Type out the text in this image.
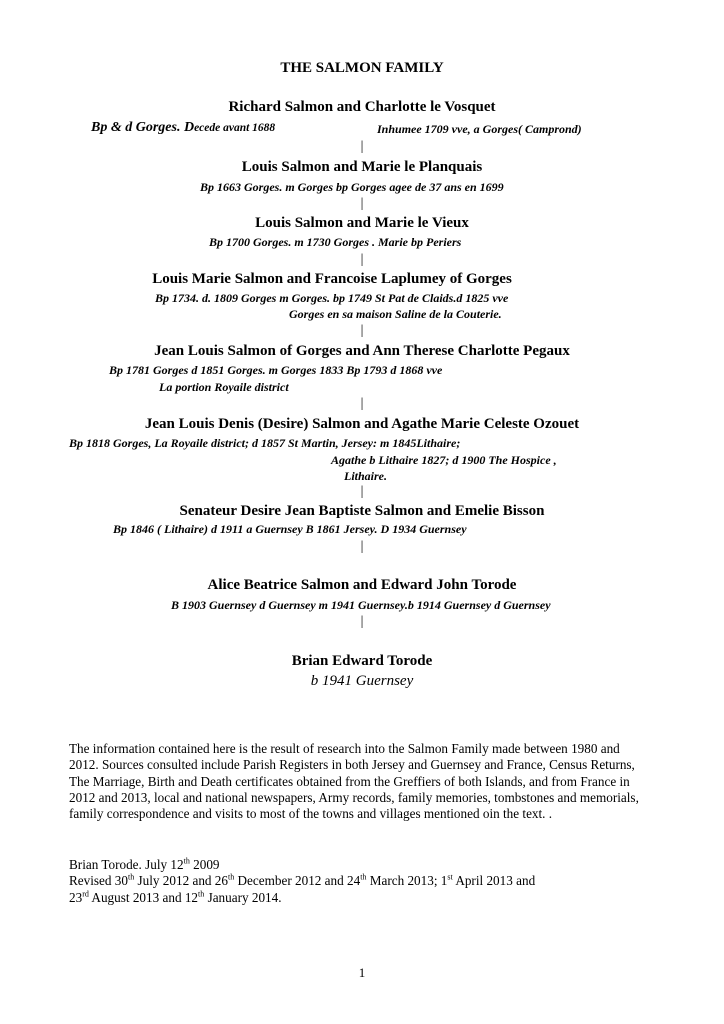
THE SALMON FAMILY
Richard Salmon and Charlotte le Vosquet
Bp & d Gorges. Decede avant 1688	Inhumee 1709 vve, a Gorges( Camprond)
|
Louis Salmon and Marie le Planquais
Bp 1663 Gorges. m Gorges bp Gorges agee de 37 ans en 1699
|
Louis Salmon and Marie le Vieux
Bp 1700 Gorges. m 1730 Gorges . Marie bp Periers
|
Louis Marie Salmon and Francoise Laplumey of Gorges
Bp 1734. d. 1809 Gorges m Gorges. bp 1749 St Pat de Claids.d 1825 vve
Gorges en sa maison Saline de la Couterie.
|
Jean Louis Salmon of Gorges and Ann Therese Charlotte Pegaux
Bp 1781 Gorges d 1851 Gorges. m Gorges 1833 Bp 1793 d 1868 vve
La portion Royaile district
|
Jean Louis Denis (Desire) Salmon and Agathe Marie Celeste Ozouet
Bp 1818 Gorges, La Royaile district; d 1857 St Martin, Jersey: m 1845Lithaire;
Agathe b Lithaire 1827; d 1900 The Hospice ,
Lithaire.
|
Senateur Desire Jean Baptiste Salmon and Emelie Bisson
Bp 1846 ( Lithaire) d 1911 a Guernsey B 1861 Jersey. D 1934 Guernsey
|
Alice Beatrice Salmon and Edward John Torode
B 1903 Guernsey d Guernsey m 1941 Guernsey.b 1914 Guernsey d Guernsey
|
Brian Edward Torode
b 1941 Guernsey

The information contained here is the result of research into the Salmon Family made between 1980 and 2012. Sources consulted include Parish Registers in both Jersey and Guernsey and France, Census Returns, The Marriage, Birth and Death certificates obtained from the Greffiers of both Islands, and from France in 2012 and 2013, local and national newspapers, Army records, family memories, tombstones and memorials, family correspondence and visits to most of the towns and villages mentioned oin the text. .

Brian Torode. July 12th 2009

Revised 30th July 2012 and 26th December 2012 and 24th March 2013; 1st April 2013 and

23rd August 2013 and 12th January 2014.

1
